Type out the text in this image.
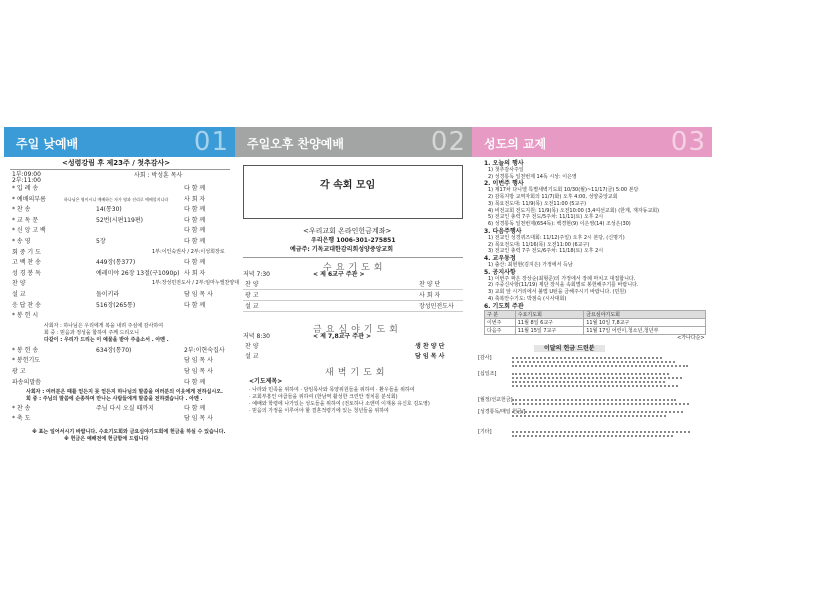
주일 낮예배	01
<성령강림 후 제23주 / 첫추감사>
1부:09:00
2부:11:00
사회 : 박성훈 목사
* 입 례 송	다 함 께
* 예배의부름	하나님은 영이시니 예배하는 자가 영과 진리로 예배할지니라	사 회 자
* 찬 송	14(통30)	다 함 께
* 교 독 문	52번(시편119편)	다 함 께
* 신 앙 고 백	다 함 께
* 송 영	5장	다 함 께
회 중 기 도	1부:이인숙권사 / 2부:이성희장로
고 백 찬 송	449장(통377)	다 함 께
성 경 봉 독	예레미야 26장 13절(구1090p) 사 회 자
찬 양	1부:장성민전도사 / 2부:임마누엘찬양대
설 교	돌이키라	담 임 목 사
응 답 찬 송	516장(265통)	다 함 께
* 봉 헌 시
사회자 : 하나님은 우리에게 복을 내려 주심에 감사하여
회 중 : 믿음과 정성을 합하여 주께 드리오니
다같이 : 우리가 드리는 이 예물을 받아 주옵소서 . 아멘 .
* 봉 헌 송	634장(통70)	2부:이현숙집사
* 봉헌기도	담 임 목 사
광 고	담 임 목 사
파송의말씀	다 함 께
사회자 : 여러분은 때를 얻든지 못 얻든지 하나님의 말씀을 여러분의 이웃에게 전하십시오.
회 중 : 주님의 말씀에 순종하며 만나는 사람들에게 말씀을 전하겠습니다 . 아멘 .
* 찬 송	주님 다시 오실 때까지	다 함 께
* 축 도	담 임 목 사
※ 표는 일어서시기 바랍니다. 수요기도회와 금요심야기도회에 헌금을 하실 수 있습니다.
※ 헌금은 예배전에 헌금함에 드립니다
주일오후 찬양예배	02
각 속회 모임
<우리교회 온라인헌금계좌>
우리은행 1006-301-275851
예금주: 기독교대한감리회성양중앙교회
수요기도회
저녁 7:30	< 제 6교구 주관 >
금요심야기도회
저녁 8:30	< 제 7,8교구 주관 >
새벽기도회
<기도제목>
찬 양	찬 양 단
광 고	사 회 자
설 교	장성민전도사
찬 양	생 찬 양 단
설 교	담 임 목 사
· 나라와 민족을 위하여 · 담임목사와 목양위원들을 위하여 · 환우들을 위하여
· 교회부흥인 야곱들을 위하여 (한남역 활성한 크린안 정치를 분석회)
· 예배와 학령에 나가있는 성도들을 위하여 (전토하나 소엔미 이재용 유신호 김도영)
· 믿음의 가정을 이루어야 할 결혼적령기에 있는 청년들을 위하여
성도의 교제	03
구 분	수요기도회	금요심야기도회
이번주	11월 8일 6교구	11월 10일 7,8교구
다음주	11월 15일 7교구	11월 17일 어린이,청소년,청년부
<가나다순>
이달의 헌금 드린분
1. 오늘의 행사
1) 첫추감사주일
2) 성경통독 일천번제 14독 시상: 이은영
2. 이번주 행사
1) 제17차 다니엘 특별새벽기도회 10/30(월)~11/17(금) 5:00 본당
2) 감목지방 교역자회의 11/7(화) 오후 4:00, 성양중앙교회
3) 목요전도대: 11/9(목) 오전11:00 (5교구)
4) 비전교회 전도지원: 11/9(목) 오전10:00 (3,4여선교회) (한계, 재자동교회)
5) 전교인 총력 7주 전도/5주차: 11/11(토) 오후 2시
6) 성경통독 일천번제(654독): 백경현(9) 이은영(14) 조성은(30)
3. 다음주행사
1) 전교인 성경퀴즈대회: 11/12(주일) 오후 2시 본당, (신명기)
2) 목요전도대: 11/16(목) 오전11:00 (6교구)
3) 전교인 총력 7주 전도/6주차: 11/18(토) 오후 2시
4. 교우동정
1) 출산: 최현현(김지은) 가정에서 득남
5. 공지사항
1) 이번주 짜은 장상순(최형준)의 가정에서 장례 마치고 대접합니다.
2) 주중신사항(11/19) 제단 장식을 속회별로 봉헌해주기를 바랍니다.
3) 교회 앞 시거리에서 불법 U턴을 금해주시기 바랍니다. (민원)
4) 축복안수기도: 박점숙 (시사대회)
6. 기도회 주관
[감사]
[십일조]
[월정/선교헌금]
[성경통독/매일 헌금/]
[기타]
